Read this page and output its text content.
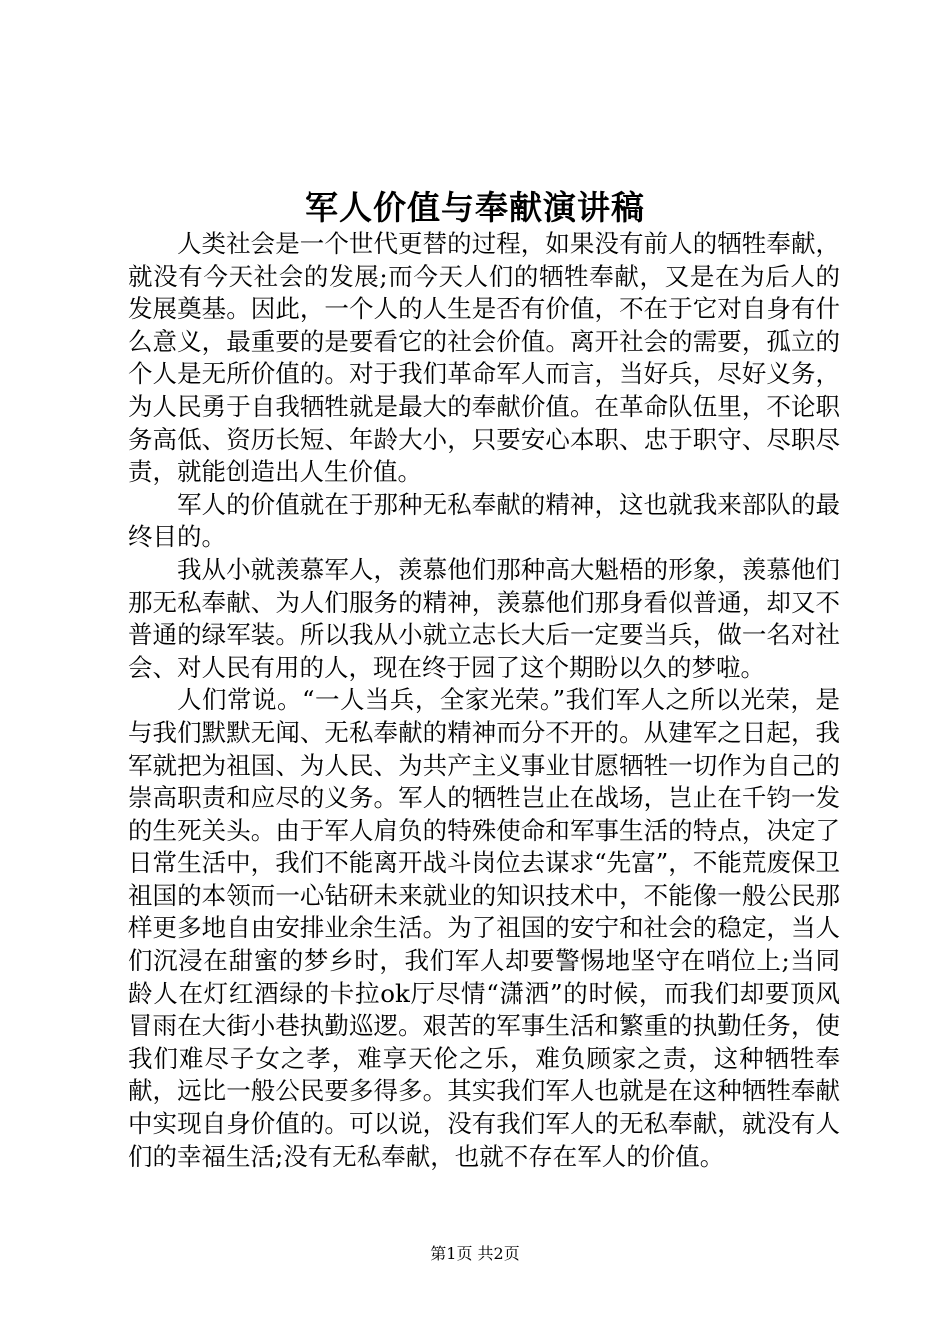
军人价值与奉献演讲稿

人类社会是一个世代更替的过程，如果没有前人的牺牲奉献，就没有今天社会的发展;而今天人们的牺牲奉献，又是在为后人的发展奠基。因此，一个人的人生是否有价值，不在于它对自身有什么意义，最重要的是要看它的社会价值。离开社会的需要，孤立的个人是无所价值的。对于我们革命军人而言，当好兵，尽好义务，为人民勇于自我牺牲就是最大的奉献价值。在革命队伍里，不论职务高低、资历长短、年龄大小，只要安心本职、忠于职守、尽职尽责，就能创造出人生价值。

军人的价值就在于那种无私奉献的精神，这也就我来部队的最终目的。

我从小就羡慕军人，羡慕他们那种高大魁梧的形象，羡慕他们那无私奉献、为人们服务的精神，羡慕他们那身看似普通，却又不普通的绿军装。所以我从小就立志长大后一定要当兵，做一名对社会、对人民有用的人，现在终于园了这个期盼以久的梦啦。

人们常说。“一人当兵，全家光荣。”我们军人之所以光荣，是与我们默默无闻、无私奉献的精神而分不开的。从建军之日起，我军就把为祖国、为人民、为共产主义事业甘愿牺牲一切作为自己的崇高职责和应尽的义务。军人的牺牲岂止在战场，岂止在千钧一发的生死关头。由于军人肩负的特殊使命和军事生活的特点，决定了日常生活中，我们不能离开战斗岗位去谋求“先富”，不能荒废保卫祖国的本领而一心钻研未来就业的知识技术中，不能像一般公民那样更多地自由安排业余生活。为了祖国的安宁和社会的稳定，当人们沉浸在甜蜜的梦乡时，我们军人却要警惕地坚守在哨位上;当同龄人在灯红酒绿的卡拉ok厅尽情“潇洒”的时候，而我们却要顶风冒雨在大街小巷执勤巡逻。艰苦的军事生活和繁重的执勤任务，使我们难尽子女之孝，难享天伦之乐，难负顾家之责，这种牺牲奉献，远比一般公民要多得多。其实我们军人也就是在这种牺牲奉献中实现自身价值的。可以说，没有我们军人的无私奉献，就没有人们的幸福生活;没有无私奉献，也就不存在军人的价值。

第1页 共2页
